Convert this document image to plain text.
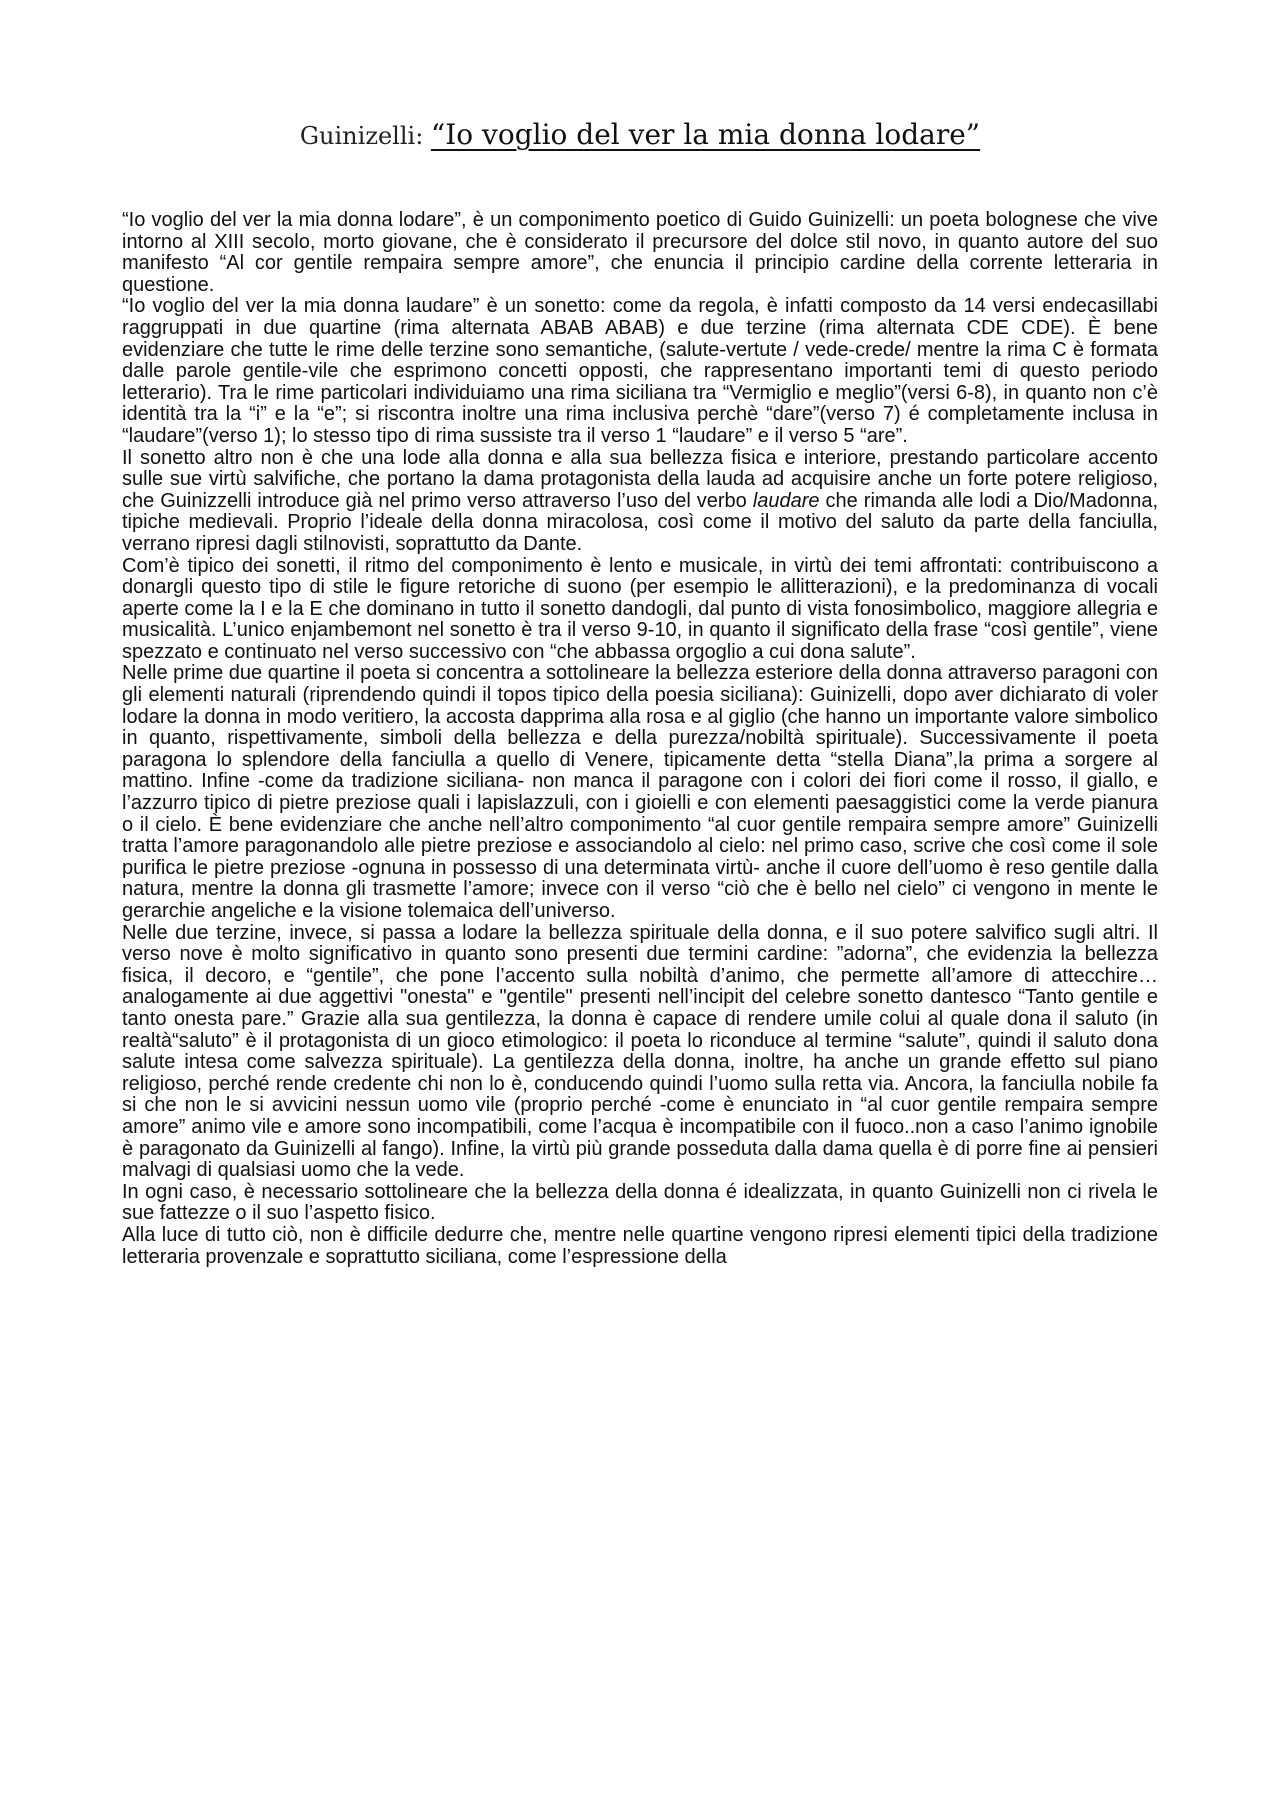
Guinizelli: “Io voglio del ver la mia donna lodare”

“Io voglio del ver la mia donna lodare”, è un componimento poetico di Guido Guinizelli: un poeta bolognese che vive intorno al XIII secolo, morto giovane, che è considerato il precursore del dolce stil novo, in quanto autore del suo manifesto “Al cor gentile rempaira sempre amore”, che enuncia il principio cardine della corrente letteraria in questione.

“Io voglio del ver la mia donna laudare” è un sonetto: come da regola, è infatti composto da 14 versi endecasillabi raggruppati in due quartine (rima alternata ABAB ABAB) e due terzine (rima alternata CDE CDE). È bene evidenziare che tutte le rime delle terzine sono semantiche, (salute-vertute / vede-crede/ mentre la rima C è formata dalle parole gentile-vile che esprimono concetti opposti, che rappresentano importanti temi di questo periodo letterario). Tra le rime particolari individuiamo una rima siciliana tra “Vermiglio e meglio”(versi 6-8), in quanto non c’è identità tra la “i” e la “e”; si riscontra inoltre una rima inclusiva perchè “dare”(verso 7) é completamente inclusa in “laudare”(verso 1); lo stesso tipo di rima sussiste tra il verso 1 “laudare” e il verso 5 “are”.

Il sonetto altro non è che una lode alla donna e alla sua bellezza fisica e interiore, prestando particolare accento sulle sue virtù salvifiche, che portano la dama protagonista della lauda ad acquisire anche un forte potere religioso, che Guinizzelli introduce già nel primo verso attraverso l’uso del verbo laudare che rimanda alle lodi a Dio/Madonna, tipiche medievali. Proprio l’ideale della donna miracolosa, così come il motivo del saluto da parte della fanciulla, verrano ripresi dagli stilnovisti, soprattutto da Dante.

Com’è tipico dei sonetti, il ritmo del componimento è lento e musicale, in virtù dei temi affrontati: contribuiscono a donargli questo tipo di stile le figure retoriche di suono (per esempio le allitterazioni), e la predominanza di vocali aperte come la I e la E che dominano in tutto il sonetto dandogli, dal punto di vista fonosimbolico, maggiore allegria e musicalità. L’unico enjambemont nel sonetto è tra il verso 9-10, in quanto il significato della frase “così gentile”, viene spezzato e continuato nel verso successivo con “che abbassa orgoglio a cui dona salute”.

Nelle prime due quartine il poeta si concentra a sottolineare la bellezza esteriore della donna attraverso paragoni con gli elementi naturali (riprendendo quindi il topos tipico della poesia siciliana): Guinizelli, dopo aver dichiarato di voler lodare la donna in modo veritiero, la accosta dapprima alla rosa e al giglio (che hanno un importante valore simbolico in quanto, rispettivamente, simboli della bellezza e della purezza/nobiltà spirituale). Successivamente il poeta paragona lo splendore della fanciulla a quello di Venere, tipicamente detta “stella Diana”,la prima a sorgere al mattino. Infine -come da tradizione siciliana- non manca il paragone con i colori dei fiori come il rosso, il giallo, e l’azzurro tipico di pietre preziose quali i lapislazzuli, con i gioielli e con elementi paesaggistici come la verde pianura o il cielo. È bene evidenziare che anche nell’altro componimento “al cuor gentile rempaira sempre amore” Guinizelli tratta l’amore paragonandolo alle pietre preziose e associandolo al cielo: nel primo caso, scrive che così come il sole purifica le pietre preziose -ognuna in possesso di una determinata virtù- anche il cuore dell’uomo è reso gentile dalla natura, mentre la donna gli trasmette l’amore; invece con il verso “ciò che è bello nel cielo” ci vengono in mente le gerarchie angeliche e la visione tolemaica dell’universo.

Nelle due terzine, invece, si passa a lodare la bellezza spirituale della donna, e il suo potere salvifico sugli altri. Il verso nove è molto significativo in quanto sono presenti due termini cardine: ”adorna”, che evidenzia la bellezza fisica, il decoro, e “gentile”, che pone l’accento sulla nobiltà d’animo, che permette all’amore di attecchire…analogamente ai due aggettivi "onesta" e "gentile" presenti nell’incipit del celebre sonetto dantesco “Tanto gentile e tanto onesta pare.” Grazie alla sua gentilezza, la donna è capace di rendere umile colui al quale dona il saluto (in realtà“saluto” è il protagonista di un gioco etimologico: il poeta lo riconduce al termine “salute”, quindi il saluto dona salute intesa come salvezza spirituale). La gentilezza della donna, inoltre, ha anche un grande effetto sul piano religioso, perché rende credente chi non lo è, conducendo quindi l’uomo sulla retta via. Ancora, la fanciulla nobile fa si che non le si avvicini nessun uomo vile (proprio perché -come è enunciato in “al cuor gentile rempaira sempre amore” animo vile e amore sono incompatibili, come l’acqua è incompatibile con il fuoco..non a caso l’animo ignobile è paragonato da Guinizelli al fango). Infine, la virtù più grande posseduta dalla dama quella è di porre fine ai pensieri malvagi di qualsiasi uomo che la vede.

In ogni caso, è necessario sottolineare che la bellezza della donna é idealizzata, in quanto Guinizelli non ci rivela le sue fattezze o il suo l’aspetto fisico.

Alla luce di tutto ciò, non è difficile dedurre che, mentre nelle quartine vengono ripresi elementi tipici della tradizione letteraria provenzale e soprattutto siciliana, come l’espressione della
